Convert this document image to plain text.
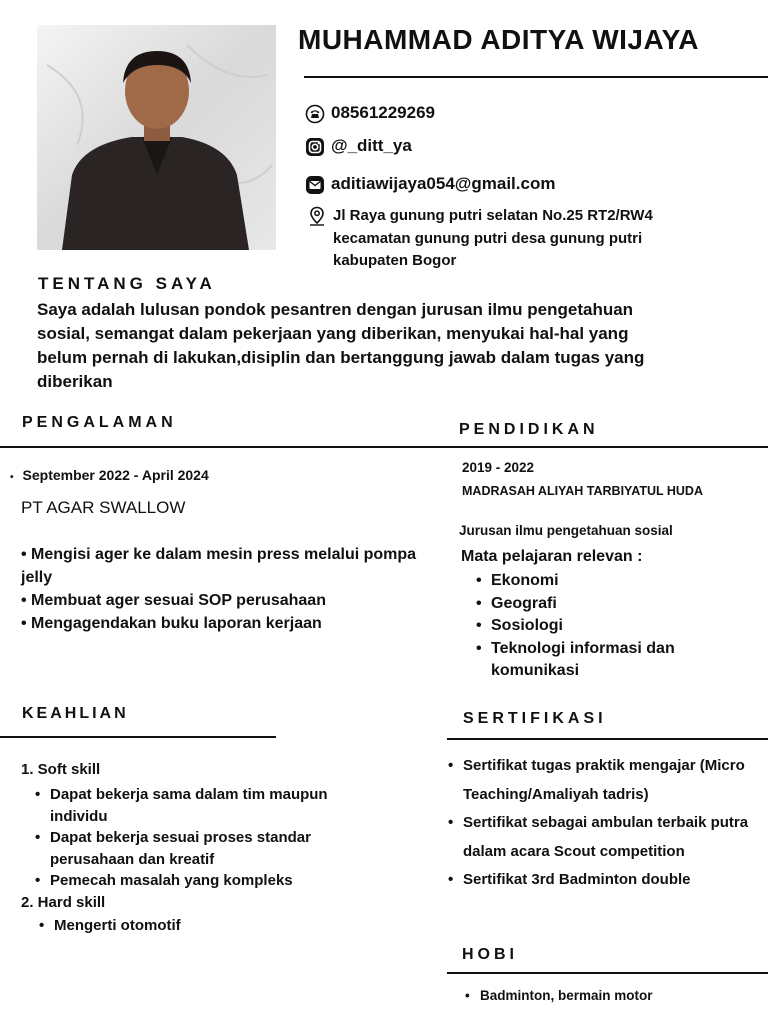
MUHAMMAD ADITYA WIJAYA
08561229269
@_ditt_ya
aditiawijaya054@gmail.com
Jl Raya gunung putri selatan No.25 RT2/RW4
kecamatan gunung putri desa gunung putri
kabupaten Bogor
TENTANG SAYA
Saya adalah lulusan pondok pesantren dengan jurusan ilmu pengetahuan
sosial, semangat dalam pekerjaan yang diberikan, menyukai hal-hal yang
belum pernah di lakukan,disiplin dan bertanggung jawab dalam tugas yang
diberikan
PENGALAMAN
• September 2022 - April 2024
PT AGAR SWALLOW
• Mengisi ager ke dalam mesin press melalui pompa jelly
• Membuat ager sesuai SOP perusahaan
• Mengagendakan buku laporan kerjaan
PENDIDIKAN
2019 - 2022
MADRASAH ALIYAH TARBIYATUL HUDA
Jurusan ilmu pengetahuan sosial
Mata pelajaran relevan :
• Ekonomi
• Geografi
• Sosiologi
• Teknologi informasi dan komunikasi
KEAHLIAN
1. Soft skill
• Dapat bekerja sama dalam tim maupun individu
• Dapat bekerja sesuai proses standar perusahaan dan kreatif
• Pemecah masalah yang kompleks
2. Hard skill
• Mengerti otomotif
SERTIFIKASI
• Sertifikat tugas praktik mengajar (Micro Teaching/Amaliyah tadris)
• Sertifikat sebagai ambulan terbaik putra dalam acara Scout competition
• Sertifikat 3rd Badminton double
HOBI
• Badminton, bermain motor
